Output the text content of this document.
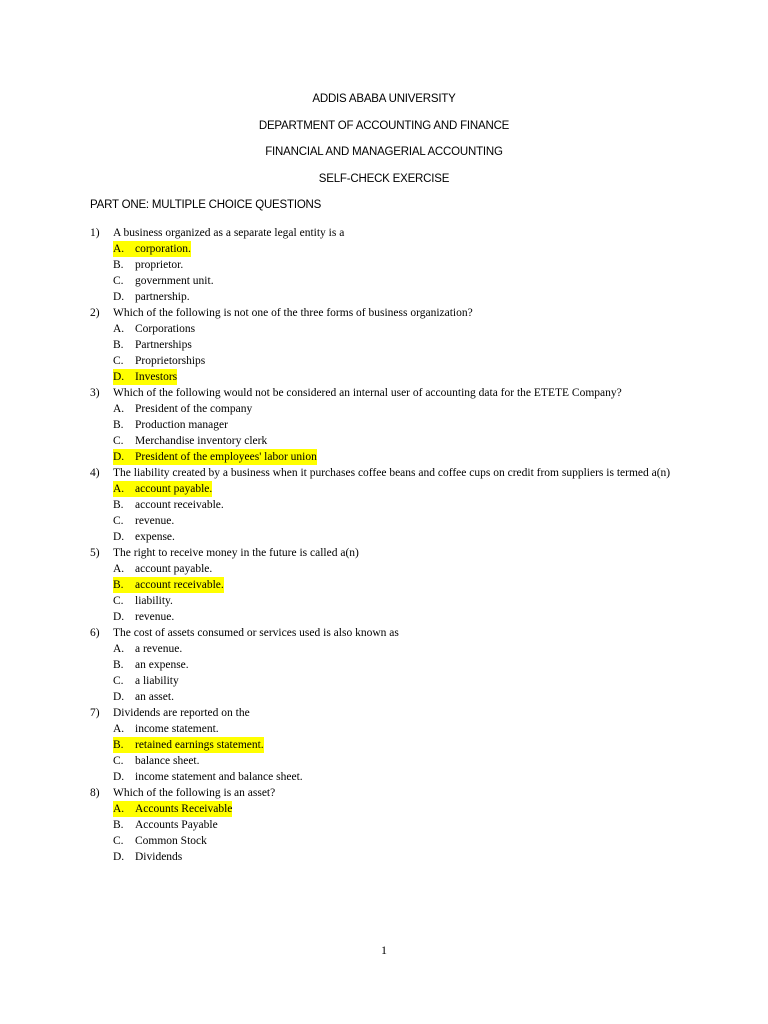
ADDIS ABABA UNIVERSITY
DEPARTMENT OF ACCOUNTING AND FINANCE
FINANCIAL AND MANAGERIAL ACCOUNTING
SELF-CHECK EXERCISE
PART ONE: MULTIPLE CHOICE QUESTIONS
1)	A business organized as a separate legal entity is a
A. corporation.
B. proprietor.
C. government unit.
D. partnership.
2)	Which of the following is not one of the three forms of business organization?
A. Corporations
B. Partnerships
C. Proprietorships
D. Investors
3)	Which of the following would not be considered an internal user of accounting data for the ETETE Company?
A. President of the company
B. Production manager
C. Merchandise inventory clerk
D. President of the employees' labor union
4)	The liability created by a business when it purchases coffee beans and coffee cups on credit from suppliers is termed a(n)
A. account payable.
B. account receivable.
C. revenue.
D. expense.
5)	The right to receive money in the future is called a(n)
A. account payable.
B. account receivable.
C. liability.
D. revenue.
6)	The cost of assets consumed or services used is also known as
A. a revenue.
B. an expense.
C. a liability
D. an asset.
7)	Dividends are reported on the
A. income statement.
B. retained earnings statement.
C. balance sheet.
D. income statement and balance sheet.
8)	Which of the following is an asset?
A. Accounts Receivable
B. Accounts Payable
C. Common Stock
D. Dividends
1
